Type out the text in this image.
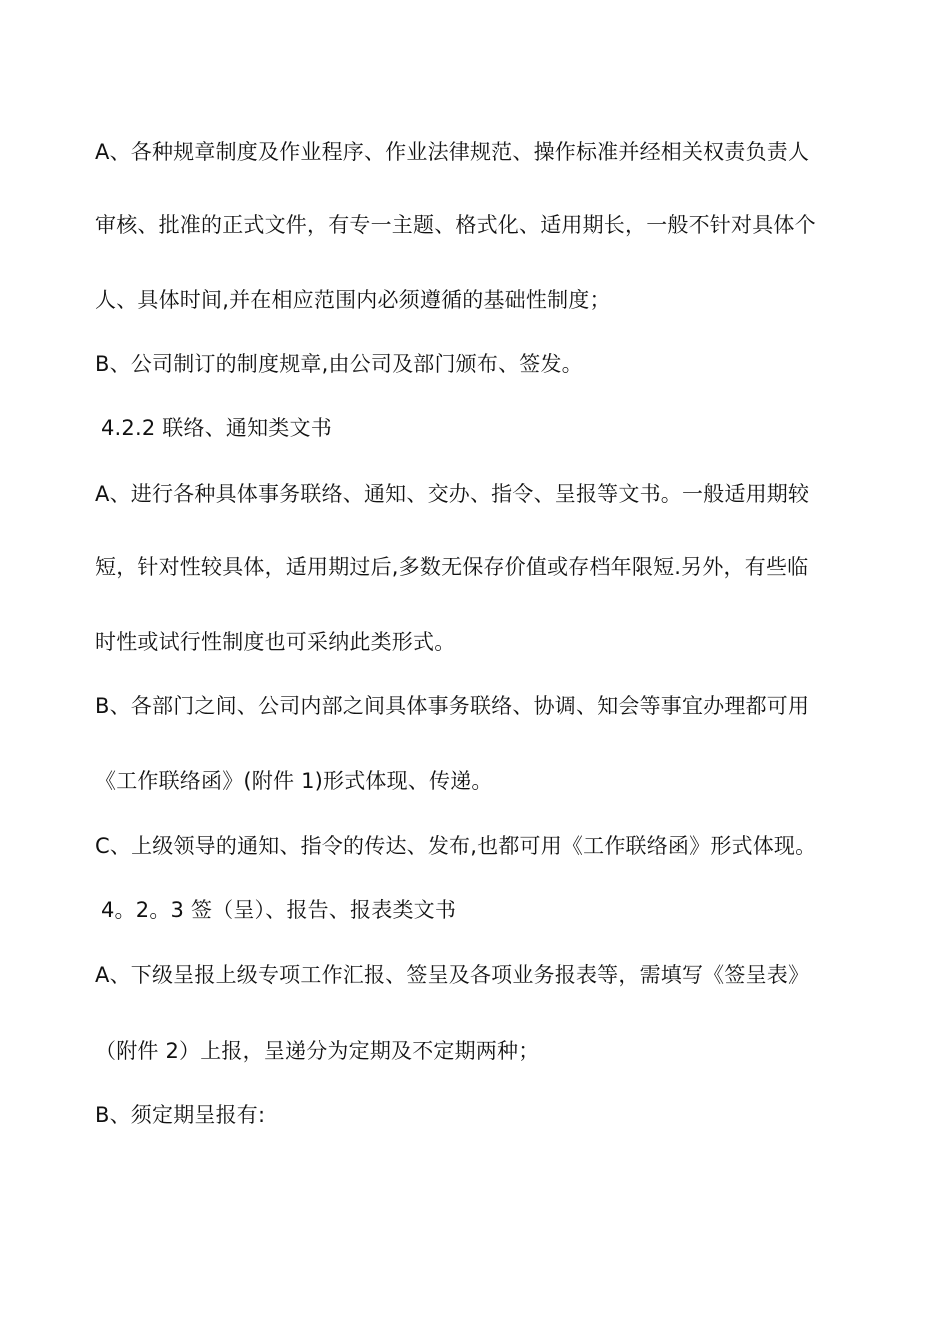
A、各种规章制度及作业程序、作业法律规范、操作标准并经相关权责负责人
审核、批准的正式文件，有专一主题、格式化、适用期长，一般不针对具体个
人、具体时间,并在相应范围内必须遵循的基础性制度；
B、公司制订的制度规章,由公司及部门颁布、签发。
4.2.2 联络、通知类文书
A、进行各种具体事务联络、通知、交办、指令、呈报等文书。一般适用期较
短，针对性较具体，适用期过后,多数无保存价值或存档年限短.另外，有些临
时性或试行性制度也可采纳此类形式。
B、各部门之间、公司内部之间具体事务联络、协调、知会等事宜办理都可用
《工作联络函》(附件 1)形式体现、传递。
C、上级领导的通知、指令的传达、发布,也都可用《工作联络函》形式体现。
4。2。3 签（呈）、报告、报表类文书
A、下级呈报上级专项工作汇报、签呈及各项业务报表等，需填写《签呈表》
（附件 2）上报，呈递分为定期及不定期两种；
B、须定期呈报有:
